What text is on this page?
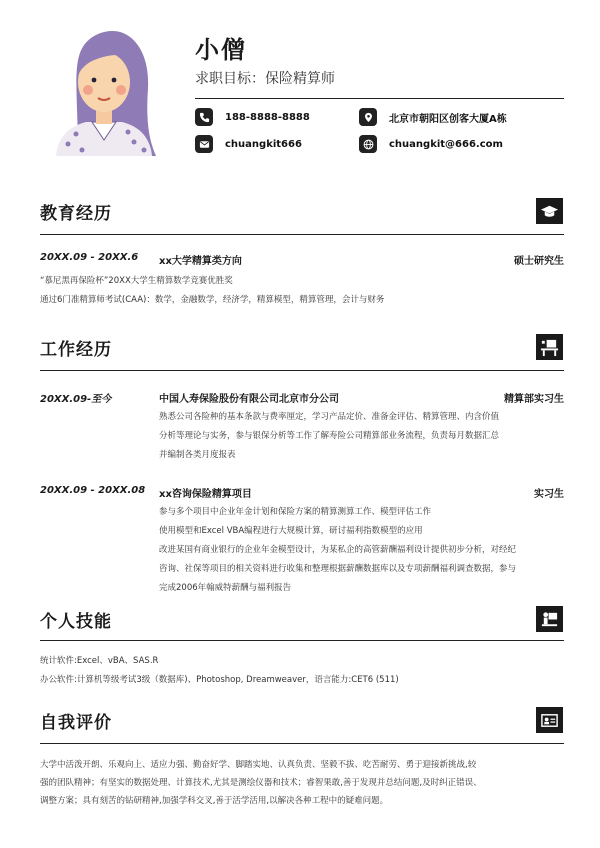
小僧
求职目标：保险精算师
188-8888-8888	北京市朝阳区创客大厦A栋
chuangkit666	chuangkit@666.com
教育经历
20XX.09 - 20XX.6 xx大学精算类方向	硕士研究生
“慕尼黑再保险杯”20XX大学生精算数学竞赛优胜奖
通过6门准精算师考试(CAA)：数学，金融数学，经济学，精算模型，精算管理，会计与财务
工作经历
20XX.09-至今	中国人寿保险股份有限公司北京市分公司	精算部实习生
熟悉公司各险种的基本条款与费率厘定，学习产品定价、准备金评估、精算管理、内含价值
分析等理论与实务，参与银保分析等工作了解寿险公司精算部业务流程，负责每月数据汇总
并编制各类月度报表
20XX.09 - 20XX.08 xx咨询保险精算项目	实习生
参与多个项目中企业年金计划和保险方案的精算测算工作、模型评估工作
使用模型和Excel VBA编程进行大规模计算，研讨福利指数模型的应用
改进某国有商业银行的企业年金模型设计，为某私企的高管薪酬福利设计提供初步分析，对经纪
咨询、社保等项目的相关资料进行收集和整理根据薪酬数据库以及专项薪酬福利调查数据，参与
完成2006年翰威特薪酬与福利报告
个人技能
统计软件:Excel、vBA、SAS.R
办公软件:计算机等级考试3级（数据库)、Photoshop, Dreamweaver，语言能力:CET6 (511)
自我评价
大学中活泼开朗、乐观向上、适应力强、勤奋好学、脚踏实地、认真负责、坚毅不拔、吃苦耐劳、勇于迎接新挑战,较
强的团队精神；有坚实的数据处理、计算技术,尤其是测绘仪器和技术；睿智果敢,善于发现并总结问题,及时纠正错误、
调整方案；具有刻苦的钻研精神,加强学科交叉,善于活学活用,以解决各种工程中的疑难问题。
